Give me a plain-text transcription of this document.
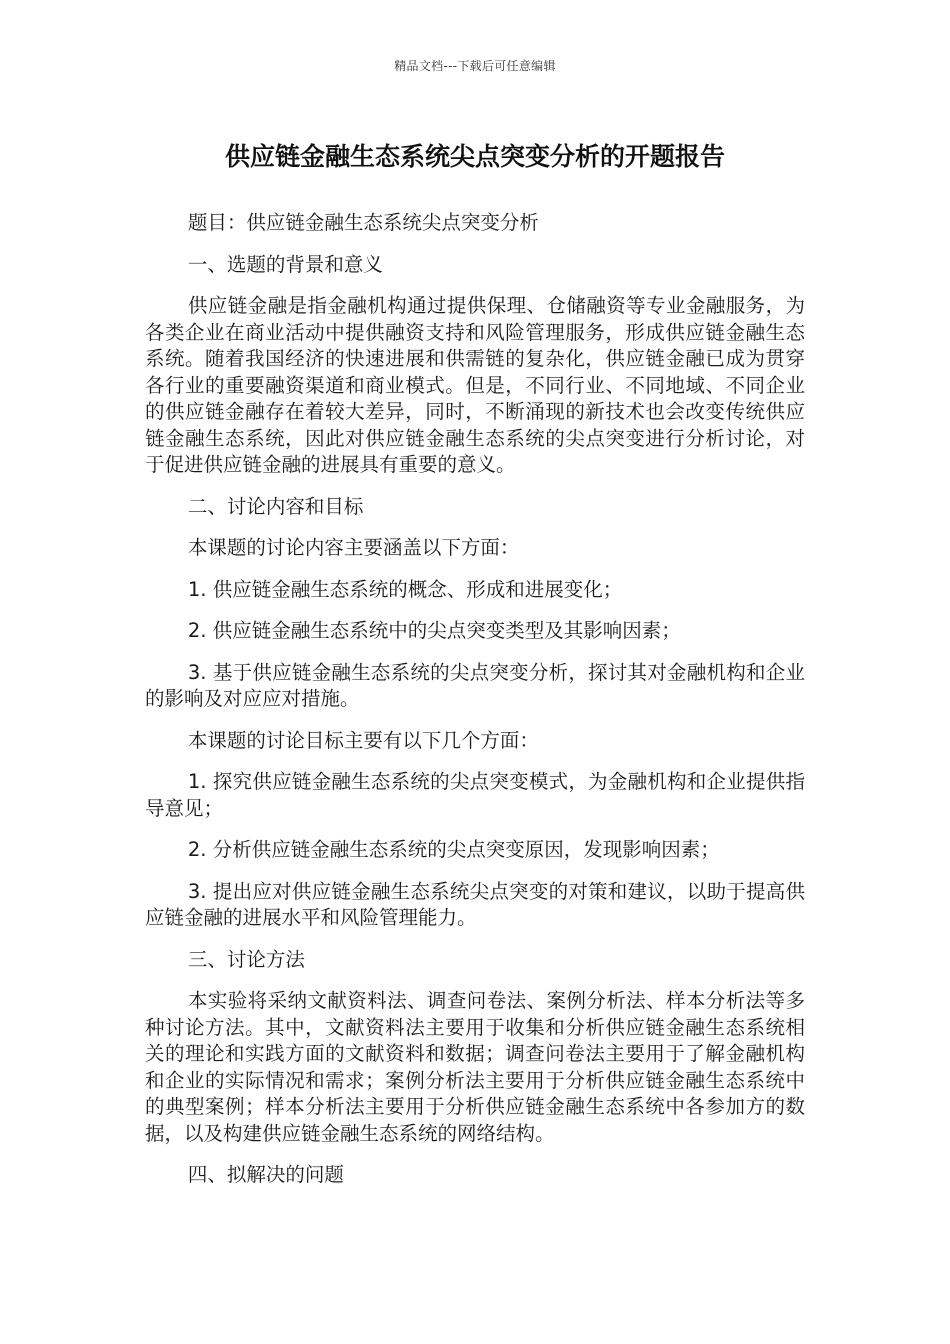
精品文档---下载后可任意编辑
供应链金融生态系统尖点突变分析的开题报告

题目：供应链金融生态系统尖点突变分析

一、选题的背景和意义

供应链金融是指金融机构通过提供保理、仓储融资等专业金融服务，为各类企业在商业活动中提供融资支持和风险管理服务，形成供应链金融生态系统。随着我国经济的快速进展和供需链的复杂化，供应链金融已成为贯穿各行业的重要融资渠道和商业模式。但是，不同行业、不同地域、不同企业的供应链金融存在着较大差异，同时，不断涌现的新技术也会改变传统供应链金融生态系统，因此对供应链金融生态系统的尖点突变进行分析讨论，对于促进供应链金融的进展具有重要的意义。

二、讨论内容和目标

本课题的讨论内容主要涵盖以下方面：

1. 供应链金融生态系统的概念、形成和进展变化；

2. 供应链金融生态系统中的尖点突变类型及其影响因素；

3. 基于供应链金融生态系统的尖点突变分析，探讨其对金融机构和企业的影响及对应应对措施。

本课题的讨论目标主要有以下几个方面：

1. 探究供应链金融生态系统的尖点突变模式，为金融机构和企业提供指导意见；

2. 分析供应链金融生态系统的尖点突变原因，发现影响因素；

3. 提出应对供应链金融生态系统尖点突变的对策和建议，以助于提高供应链金融的进展水平和风险管理能力。

三、讨论方法

本实验将采纳文献资料法、调查问卷法、案例分析法、样本分析法等多种讨论方法。其中，文献资料法主要用于收集和分析供应链金融生态系统相关的理论和实践方面的文献资料和数据；调查问卷法主要用于了解金融机构和企业的实际情况和需求；案例分析法主要用于分析供应链金融生态系统中的典型案例；样本分析法主要用于分析供应链金融生态系统中各参加方的数据，以及构建供应链金融生态系统的网络结构。

四、拟解决的问题
